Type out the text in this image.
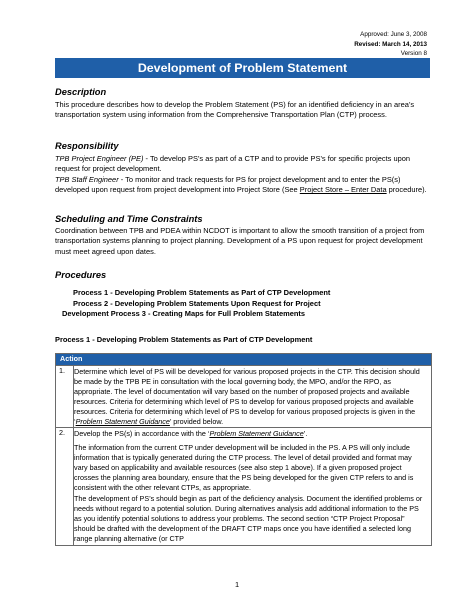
Approved: June 3, 2008
Revised: March 14, 2013
Version 8
Development of Problem Statement
Description
This procedure describes how to develop the Problem Statement (PS) for an identified deficiency in an area’s transportation system using information from the Comprehensive Transportation Plan (CTP) process.
Responsibility
TPB Project Engineer (PE) - To develop PS’s as part of a CTP and to provide PS’s for specific projects upon request for project development.
TPB Staff Engineer - To monitor and track requests for PS for project development and to enter the PS(s) developed upon request from project development into Project Store (See Project Store – Enter Data procedure).
Scheduling and Time Constraints
Coordination between TPB and PDEA within NCDOT is important to allow the smooth transition of a project from transportation systems planning to project planning. Development of a PS upon request for project development must meet agreed upon dates.
Procedures
Process 1 - Developing Problem Statements as Part of CTP Development
Process 2 - Developing Problem Statements Upon Request for Project
Development Process 3 - Creating Maps for Full Problem Statements
Process 1 - Developing Problem Statements as Part of CTP Development
Action	
1.	Determine which level of PS will be developed for various proposed projects in the CTP. This decision should be made by the TPB PE in consultation with the local governing body, the MPO, and/or the RPO, as appropriate. The level of documentation will vary based on the number of proposed projects and available resources. Criteria for determining which level of PS to develop for various proposed projects and available resources. Criteria for determining which level of PS to develop for various proposed projects is given in the ‘Problem Statement Guidance’ provided below.
2.	Develop the PS(s) in accordance with the ‘Problem Statement Guidance’.

The information from the current CTP under development will be included in the PS. A PS will only include information that is typically generated during the CTP process. The level of detail provided and format may vary based on applicability and available resources (see also step 1 above). If a given proposed project crosses the planning area boundary, ensure that the PS being developed for the given CTP refers to and is consistent with the other relevant CTPs, as appropriate.

The development of PS’s should begin as part of the deficiency analysis. Document the identified problems or needs without regard to a potential solution. During alternatives analysis add additional information to the PS as you identify potential solutions to address your problems. The second section “CTP Project Proposal” should be drafted with the development of the DRAFT CTP maps once you have identified a selected long range planning alternative (or CTP

1
